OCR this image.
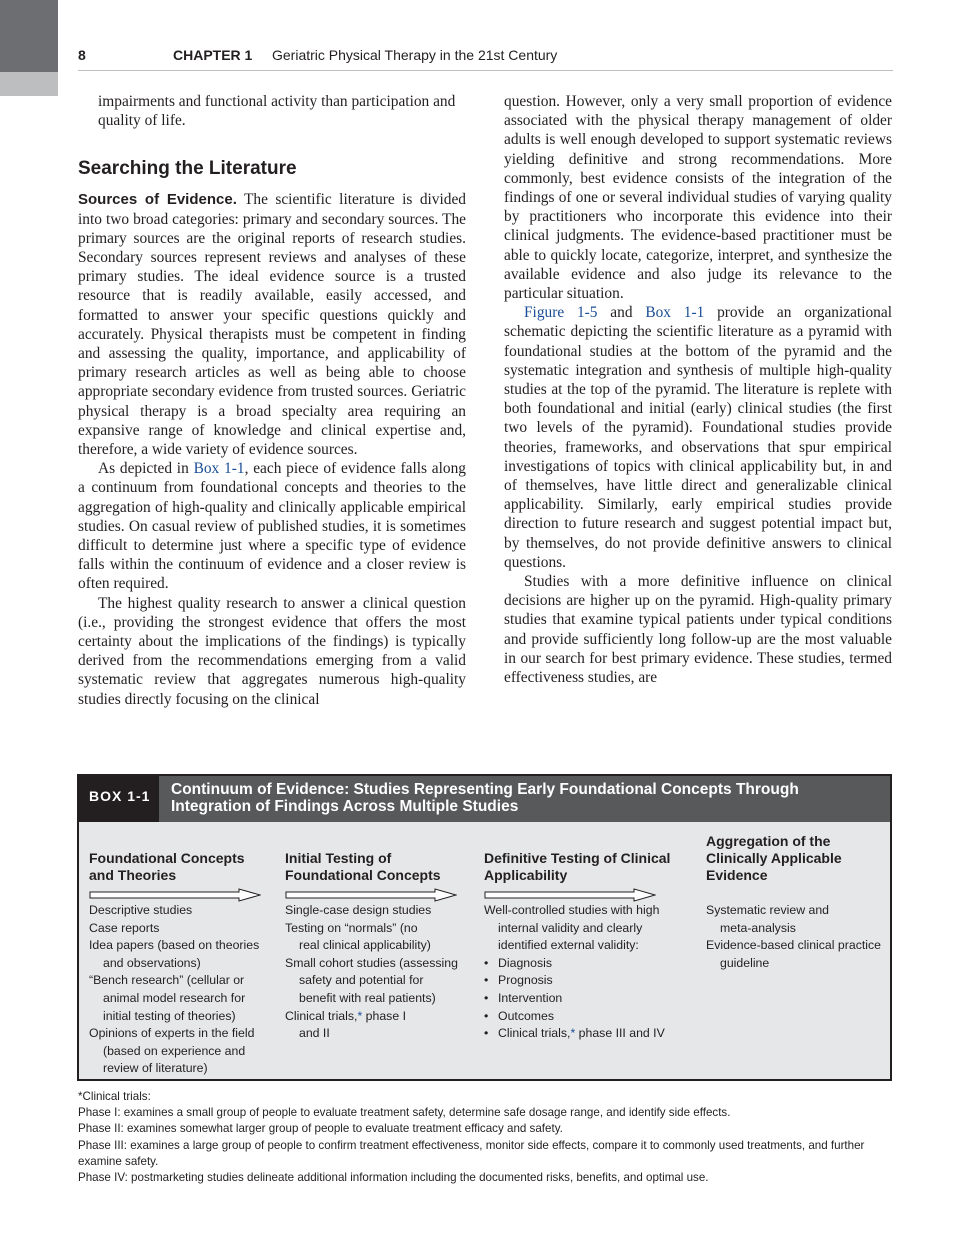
8	CHAPTER 1 Geriatric Physical Therapy in the 21st Century

impairments and functional activity than participation and quality of life.

Searching the Literature

Sources of Evidence. The scientific literature is divided into two broad categories: primary and secondary sources. The primary sources are the original reports of research studies. Secondary sources represent reviews and analyses of these primary studies. The ideal evidence source is a trusted resource that is readily available, easily accessed, and formatted to answer your specific questions quickly and accurately. Physical therapists must be competent in finding and assessing the quality, importance, and applicability of primary research articles as well as being able to choose appropriate secondary evidence from trusted sources. Geriatric physical therapy is a broad specialty area requiring an expansive range of knowledge and clinical expertise and, therefore, a wide variety of evidence sources.

As depicted in Box 1-1, each piece of evidence falls along a continuum from foundational concepts and theories to the aggregation of high-quality and clinically applicable empirical studies. On casual review of published studies, it is sometimes difficult to determine just where a specific type of evidence falls within the continuum of evidence and a closer review is often required.

The highest quality research to answer a clinical question (i.e., providing the strongest evidence that offers the most certainty about the implications of the findings) is typically derived from the recommendations emerging from a valid systematic review that aggregates numerous high-quality studies directly focusing on the clinical

question. However, only a very small proportion of evidence associated with the physical therapy management of older adults is well enough developed to support systematic reviews yielding definitive and strong recommendations. More commonly, best evidence consists of the integration of the findings of one or several individual studies of varying quality by practitioners who incorporate this evidence into their clinical judgments. The evidence-based practitioner must be able to quickly locate, categorize, interpret, and synthesize the available evidence and also judge its relevance to the particular situation.

Figure 1-5 and Box 1-1 provide an organizational schematic depicting the scientific literature as a pyramid with foundational studies at the bottom of the pyramid and the systematic integration and synthesis of multiple high-quality studies at the top of the pyramid. The literature is replete with both foundational and initial (early) clinical studies (the first two levels of the pyramid). Foundational studies provide theories, frameworks, and observations that spur empirical investigations of topics with clinical applicability but, in and of themselves, have little direct and generalizable clinical applicability. Similarly, early empirical studies provide direction to future research and suggest potential impact but, by themselves, do not provide definitive answers to clinical questions.

Studies with a more definitive influence on clinical decisions are higher up on the pyramid. High-quality primary studies that examine typical patients under typical conditions and provide sufficiently long follow-up are the most valuable in our search for best primary evidence. These studies, termed effectiveness studies, are

BOX 1-1	Continuum of Evidence: Studies Representing Early Foundational Concepts Through Integration of Findings Across Multiple Studies
Foundational Concepts and Theories
Descriptive studies
Case reports
Idea papers (based on theories
and observations)
“Bench research” (cellular or
animal model research for
initial testing of theories)
Opinions of experts in the field
(based on experience and
review of literature)
Initial Testing of Foundational Concepts
Single-case design studies
Testing on “normals” (no
real clinical applicability)
Small cohort studies (assessing
safety and potential for
benefit with real patients)
Clinical trials,* phase I
and II
Definitive Testing of Clinical Applicability
Well-controlled studies with high
internal validity and clearly
identified external validity:
• Diagnosis
• Prognosis
• Intervention
• Outcomes
• Clinical trials,* phase III and IV
Aggregation of the Clinically Applicable Evidence
Systematic review and
meta-analysis
Evidence-based clinical practice
guideline
*Clinical trials:
Phase I: examines a small group of people to evaluate treatment safety, determine safe dosage range, and identify side effects.
Phase II: examines somewhat larger group of people to evaluate treatment efficacy and safety.
Phase III: examines a large group of people to confirm treatment effectiveness, monitor side effects, compare it to commonly used treatments, and further examine safety.
Phase IV: postmarketing studies delineate additional information including the documented risks, benefits, and optimal use.
